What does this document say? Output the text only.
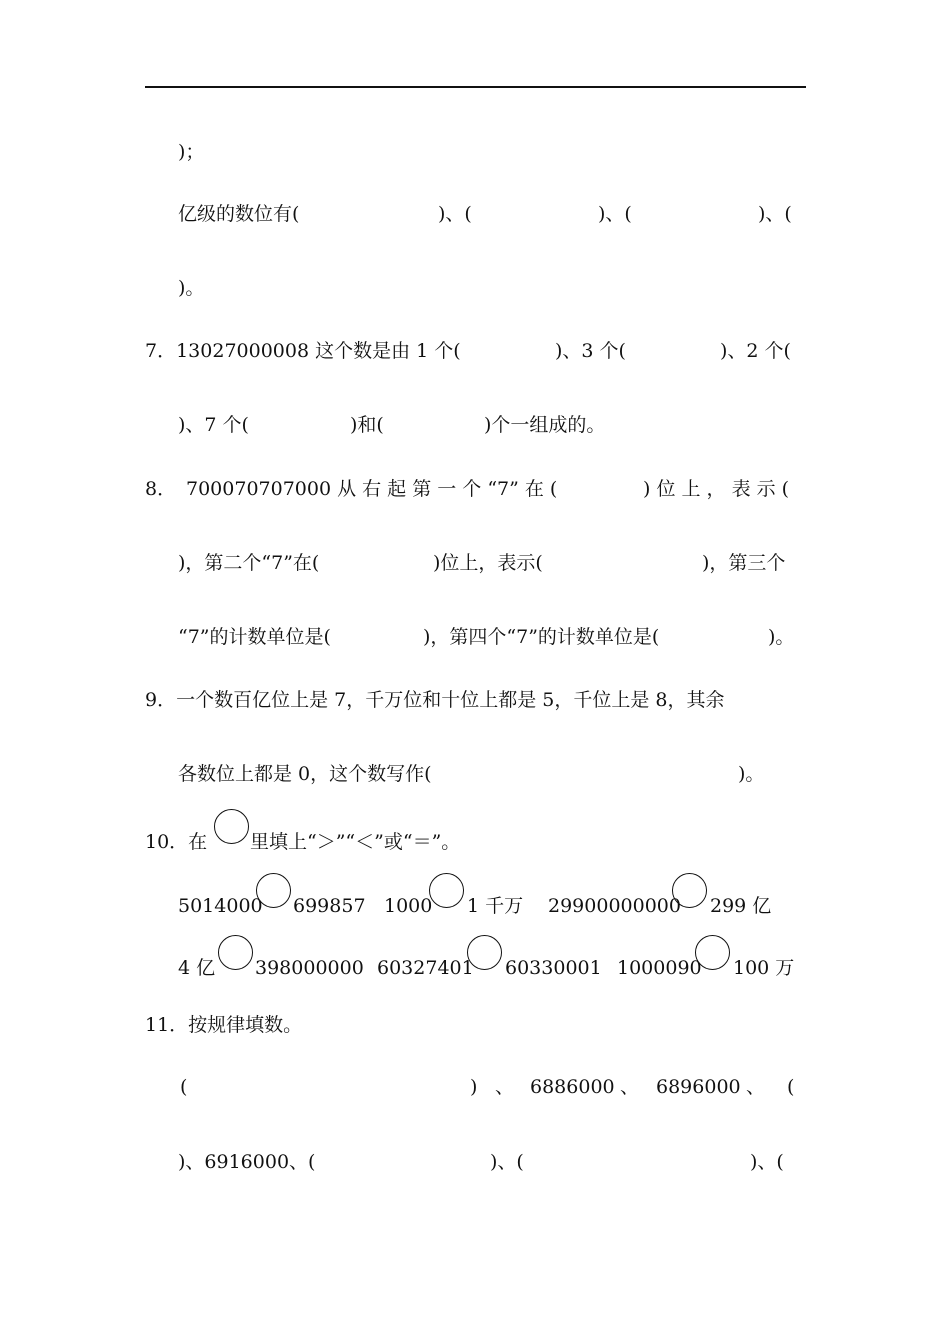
)；
亿级的数位有(	)、(	)、(	)、(
)。
7．13027000008 这个数是由 1 个(	)、3 个(	)、2 个(
)、7 个(	)和(	)个一组成的。
8． 700070707000 从 右 起 第 一 个 “7” 在 (	) 位 上 ， 表 示 (
)，第二个“7”在(	)位上，表示(	)，第三个
“7”的计数单位是(	)，第四个“7”的计数单位是(	)。
9．一个数百亿位上是 7，千万位和十位上都是 5，千位上是 8，其余
各数位上都是 0，这个数写作(	)。
10．在 里填上“＞”“＜”或“＝”。
5014000 699857 1000 1 千万 29900000000 299 亿
4 亿 398000000 60327401 60330001 1000090 100 万
11．按规律填数。
(	) 、 6886000 、 6896000 、 (
)、6916000、(	)、(	)、(
